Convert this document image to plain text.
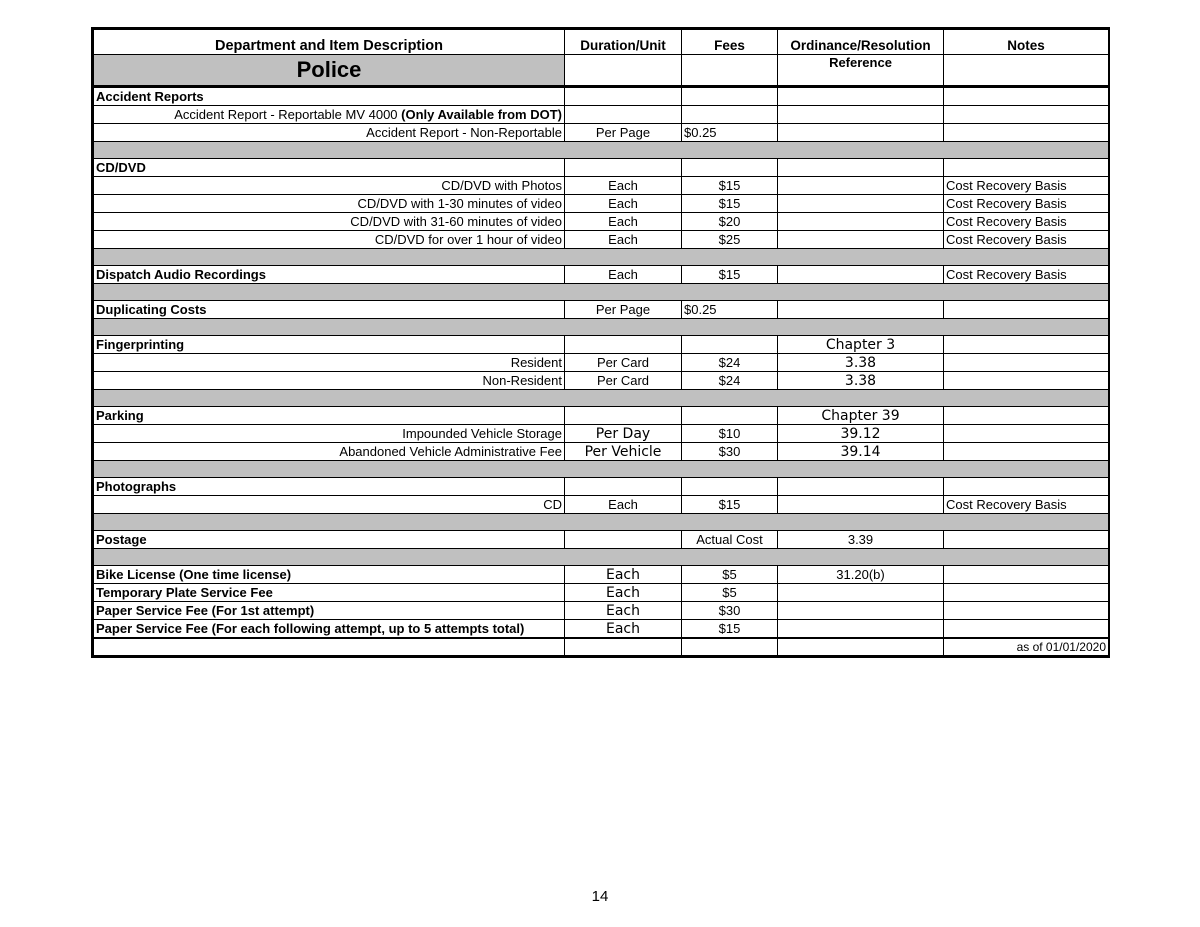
Department and Item Description	Duration/Unit	Fees	Ordinance/Resolution	Notes
Police			Reference	
Accident Reports				
Accident Report - Reportable MV 4000 (Only Available from DOT)				
Accident Report - Non-Reportable	Per Page	$0.25		

CD/DVD				
CD/DVD with Photos	Each	$15		Cost Recovery Basis
CD/DVD with 1-30 minutes of video	Each	$15		Cost Recovery Basis
CD/DVD with 31-60 minutes of video	Each	$20		Cost Recovery Basis
CD/DVD for over 1 hour of video	Each	$25		Cost Recovery Basis

Dispatch Audio Recordings	Each	$15		Cost Recovery Basis

Duplicating Costs	Per Page	$0.25		

Fingerprinting			Chapter 3	
Resident	Per Card	$24	3.38	
Non-Resident	Per Card	$24	3.38	

Parking			Chapter 39	
Impounded Vehicle Storage	Per Day	$10	39.12	
Abandoned Vehicle Administrative Fee	Per Vehicle	$30	39.14	

Photographs				
CD	Each	$15		Cost Recovery Basis

Postage		Actual Cost	3.39	

Bike License (One time license)	Each	$5	31.20(b)	
Temporary Plate Service Fee	Each	$5		
Paper Service Fee (For 1st attempt)	Each	$30		
Paper Service Fee (For each following attempt, up to 5 attempts total)	Each	$15		
				as of 01/01/2020
14
